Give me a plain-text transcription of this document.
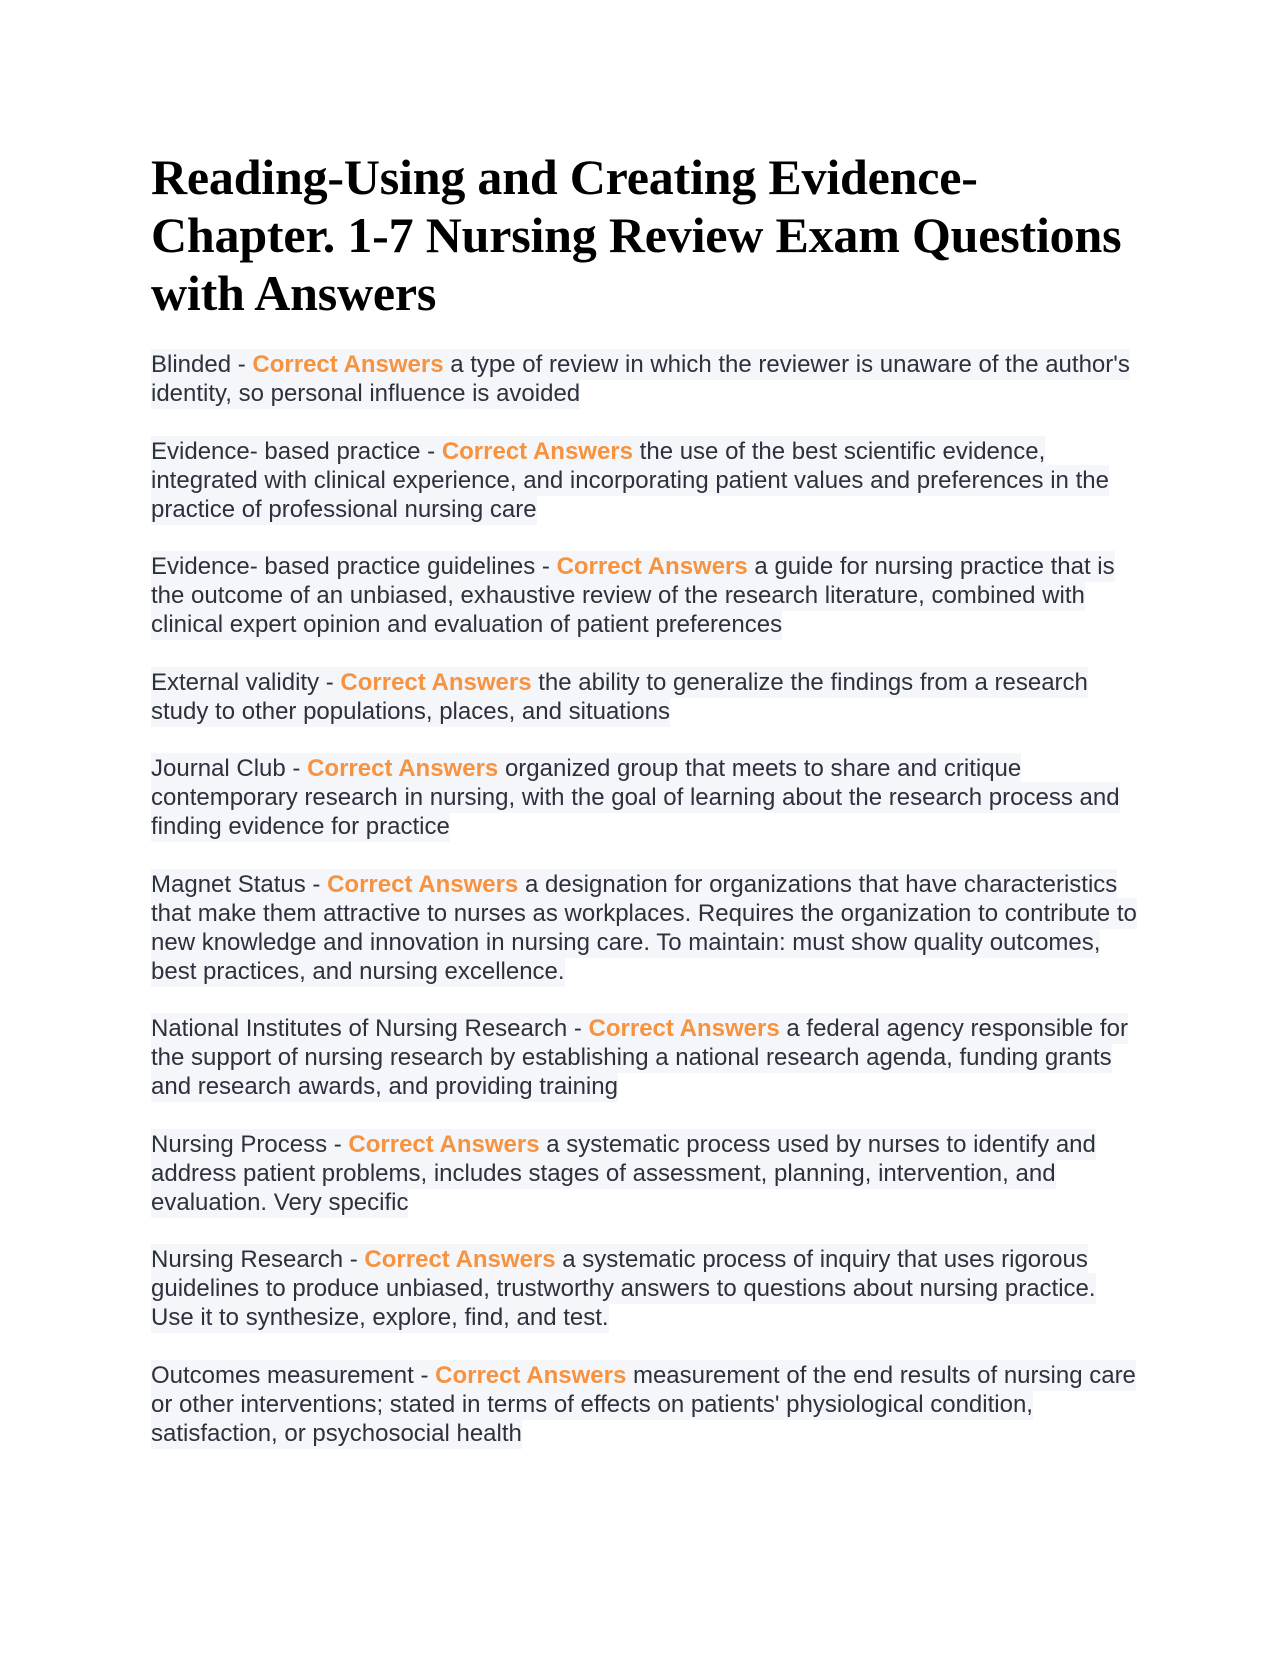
Reading-Using and Creating Evidence-Chapter. 1-7 Nursing Review Exam Questions with Answers

Blinded - Correct Answers a type of review in which the reviewer is unaware of the author's identity, so personal influence is avoided

Evidence- based practice - Correct Answers the use of the best scientific evidence, integrated with clinical experience, and incorporating patient values and preferences in the practice of professional nursing care

Evidence- based practice guidelines - Correct Answers a guide for nursing practice that is the outcome of an unbiased, exhaustive review of the research literature, combined with clinical expert opinion and evaluation of patient preferences

External validity - Correct Answers the ability to generalize the findings from a research study to other populations, places, and situations

Journal Club - Correct Answers organized group that meets to share and critique contemporary research in nursing, with the goal of learning about the research process and finding evidence for practice

Magnet Status - Correct Answers a designation for organizations that have characteristics that make them attractive to nurses as workplaces. Requires the organization to contribute to new knowledge and innovation in nursing care. To maintain: must show quality outcomes, best practices, and nursing excellence.

National Institutes of Nursing Research - Correct Answers a federal agency responsible for the support of nursing research by establishing a national research agenda, funding grants and research awards, and providing training

Nursing Process - Correct Answers a systematic process used by nurses to identify and address patient problems, includes stages of assessment, planning, intervention, and evaluation. Very specific

Nursing Research - Correct Answers a systematic process of inquiry that uses rigorous guidelines to produce unbiased, trustworthy answers to questions about nursing practice. Use it to synthesize, explore, find, and test.

Outcomes measurement - Correct Answers measurement of the end results of nursing care or other interventions; stated in terms of effects on patients' physiological condition, satisfaction, or psychosocial health
